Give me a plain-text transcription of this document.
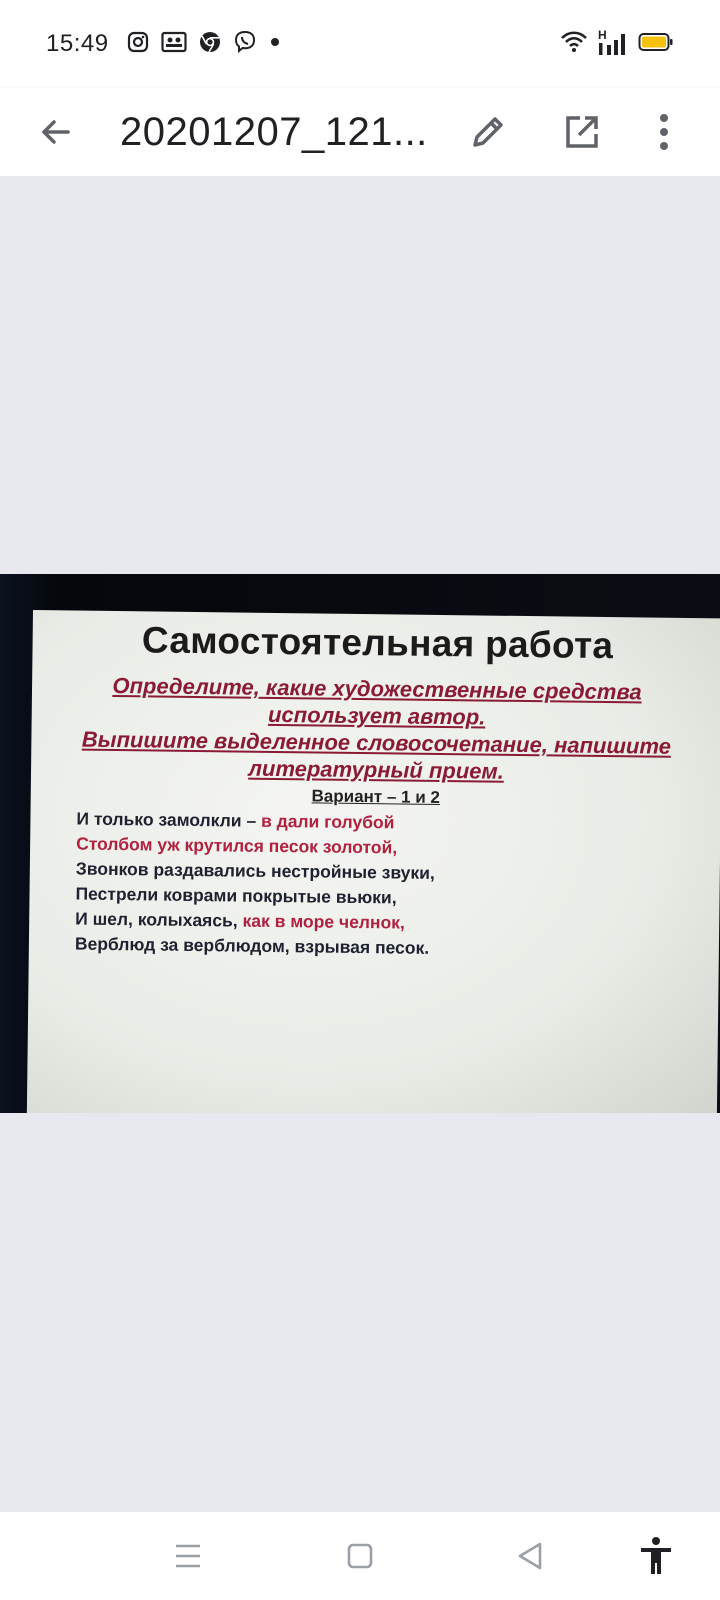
15:49	H
20201207_121...
Самостоятельная работа
Определите, какие художественные средства
использует автор.
Выпишите выделенное словосочетание, напишите
литературный прием.
Вариант – 1 и 2
И только замолкли – в дали голубой
Столбом уж крутился песок золотой,
Звонков раздавались нестройные звуки,
Пестрели коврами покрытые вьюки,
И шел, колыхаясь, как в море челнок,
Верблюд за верблюдом, взрывая песок.
